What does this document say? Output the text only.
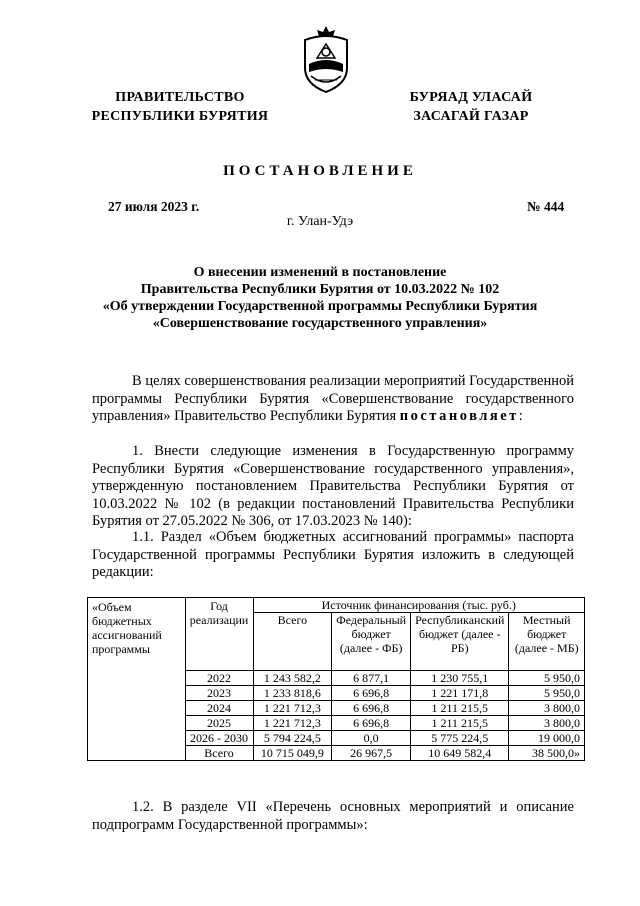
ПРАВИТЕЛЬСТВО
РЕСПУБЛИКИ БУРЯТИЯ
БУРЯАД УЛАСАЙ
ЗАСАГАЙ ГАЗАР
ПОСТАНОВЛЕНИЕ
27 июля 2023 г.	№ 444
г. Улан-Удэ
О внесении изменений в постановление
Правительства Республики Бурятия от 10.03.2022 № 102
«Об утверждении Государственной программы Республики Бурятия
«Совершенствование государственного управления»
В целях совершенствования реализации мероприятий Государственной программы Республики Бурятия «Совершенствование государственного управления» Правительство Республики Бурятия постановляет:
1. Внести следующие изменения в Государственную программу Республики Бурятия «Совершенствование государственного управления», утвержденную постановлением Правительства Республики Бурятия от 10.03.2022 № 102 (в редакции постановлений Правительства Республики Бурятия от 27.05.2022 № 306, от 17.03.2023 № 140):
1.1. Раздел «Объем бюджетных ассигнований программы» паспорта Государственной программы Республики Бурятия изложить в следующей редакции:
«Объем бюджетных ассигнований программы	Год реализации	Источник финансирования (тыс. руб.)			
		Всего	Федеральный бюджет (далее - ФБ)	Республиканский бюджет (далее - РБ)	Местный бюджет (далее - МБ)
	2022	1 243 582,2	6 877,1	1 230 755,1	5 950,0
	2023	1 233 818,6	6 696,8	1 221 171,8	5 950,0
	2024	1 221 712,3	6 696,8	1 211 215,5	3 800,0
	2025	1 221 712,3	6 696,8	1 211 215,5	3 800,0
	2026 - 2030	5 794 224,5	0,0	5 775 224,5	19 000,0
	Всего	10 715 049,9	26 967,5	10 649 582,4	38 500,0»
1.2. В разделе VII «Перечень основных мероприятий и описание подпрограмм Государственной программы»:
